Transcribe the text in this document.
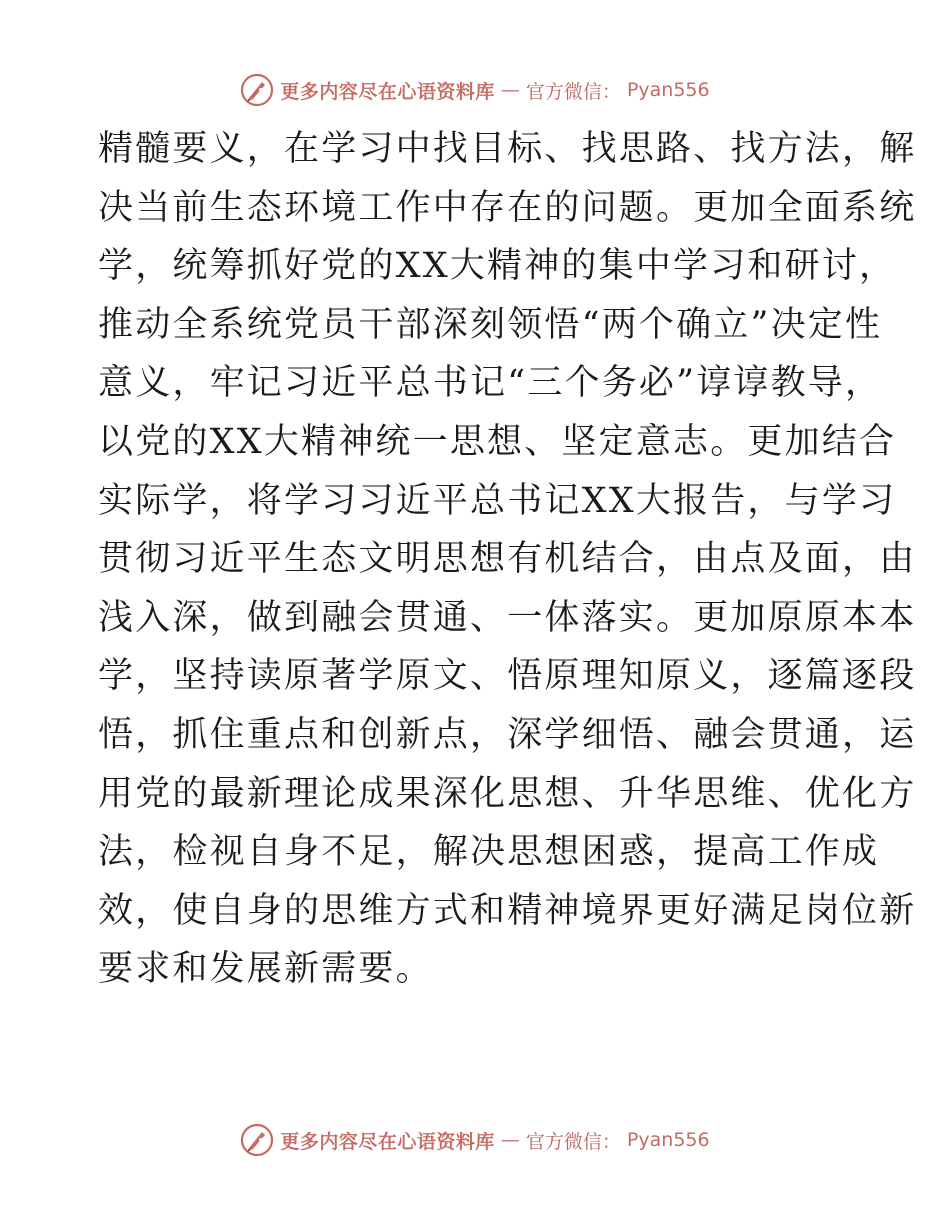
更多内容尽在心语资料库 — 官方微信： Pyan556
精髓要义，在学习中找目标、找思路、找方法，解
决当前生态环境工作中存在的问题。更加全面系统
学，统筹抓好党的XX大精神的集中学习和研讨，
推动全系统党员干部深刻领悟“两个确立”决定性
意义，牢记习近平总书记“三个务必”谆谆教导，
以党的XX大精神统一思想、坚定意志。更加结合
实际学，将学习习近平总书记XX大报告，与学习
贯彻习近平生态文明思想有机结合，由点及面，由
浅入深，做到融会贯通、一体落实。更加原原本本
学，坚持读原著学原文、悟原理知原义，逐篇逐段
悟，抓住重点和创新点，深学细悟、融会贯通，运
用党的最新理论成果深化思想、升华思维、优化方
法，检视自身不足，解决思想困惑，提高工作成
效，使自身的思维方式和精神境界更好满足岗位新
要求和发展新需要。
更多内容尽在心语资料库 — 官方微信： Pyan556
